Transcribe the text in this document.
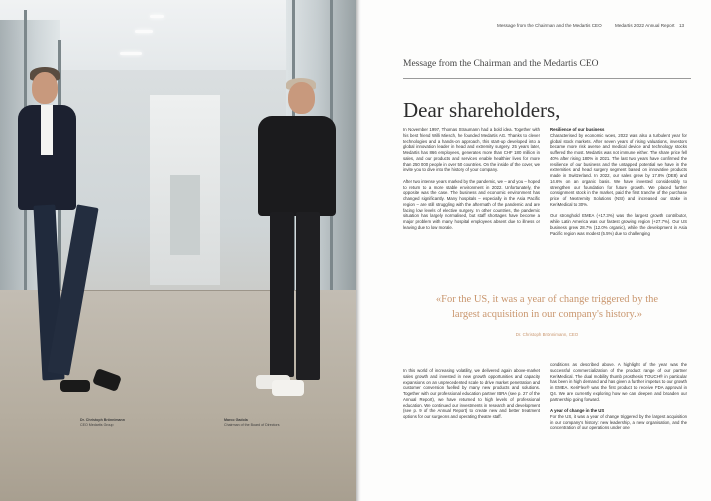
Dr. Christoph Brönnimann
CEO Medartis Group
Marco Gadola
Chairman of the Board of Directors
Message from the Chairman and the Medartis CEO	Medartis 2022 Annual Report 13
Message from the Chairman and the Medartis CEO
Dear shareholders,

In November 1997, Thomas Straumann had a bold idea. Together with his best friend Willi Miesch, he founded Medartis AG. Thanks to clever technologies and a hands-on approach, this start-up developed into a global innovation leader in head and extremity surgery. 25 years later, Medartis has 866 employees, generates more than CHF 180 million in sales, and our products and services enable healthier lives for more than 250 000 people in over 50 countries. On the inside of the cover, we invite you to dive into the history of your company.

After two intense years marked by the pandemic, we – and you – hoped to return to a more stable environment in 2022. Unfortunately, the opposite was the case. The business and economic environment has changed significantly. Many hospitals – especially in the Asia Pacific region – are still struggling with the aftermath of the pandemic and are facing low levels of elective surgery. In other countries, the pandemic situation has largely normalised, but staff shortages have become a major problem with many hospital employees absent due to illness or leaving due to low morale.

Resilience of our business

Characterised by economic woes, 2022 was also a turbulent year for global stock markets. After seven years of rising valuations, investors became more risk averse and medical device and technology stocks suffered the most. Medartis was not immune either. The share price fell 40% after rising 180% in 2021. The last two years have confirmed the resilience of our business and the untapped potential we have in the extremities and head surgery segment based on innovative products made in Switzerland. In 2022, our sales grew by 17.8% (DE8) and 14.6% on an organic basis. We have invested considerably to strengthen our foundation for future growth. We placed further consignment stock in the market, paid the first tranche of the purchase price of Nextremity Solutions (NSI) and increased our stake in KeriMedical to 30%.

Our stronghold EMEA (+17.3%) was the largest growth contributor, while Latin America was our fastest growing region (+27.7%). Our US business grew 28.7% (12.0% organic), while the development in Asia Pacific region was modest (5.5%) due to challenging

«For the US, it was a year of change triggered by the largest acquisition in our company's history.»
Dr. Christoph Brönnimann, CEO

In this world of increasing volatility, we delivered again above-market sales growth and invested in new growth opportunities and capacity expansions on an unprecedented scale to drive market penetration and customer conversion fuelled by many new products and solutions. Together with our professional education partner IBRA (see p. 27 of the Annual Report), we have returned to high levels of professional education. We continued our investments in research and development (see p. 9 of the Annual Report) to create new and better treatment options for our surgeons and operating theatre staff.

conditions as described above. A highlight of the year was the successful commercialization of the product range of our partner KeriMedical. The dual mobility thumb prosthesis TOUCH® in particular has been in high demand and has given a further impetus to our growth in EMEA. KeriFlex® was the first product to receive FDA approval in Q4. We are currently exploring how we can deepen and broaden our partnership going forward.

A year of change in the US

For the US, it was a year of change triggered by the largest acquisition in our company's history: new leadership, a new organisation, and the concentration of our operations under one
